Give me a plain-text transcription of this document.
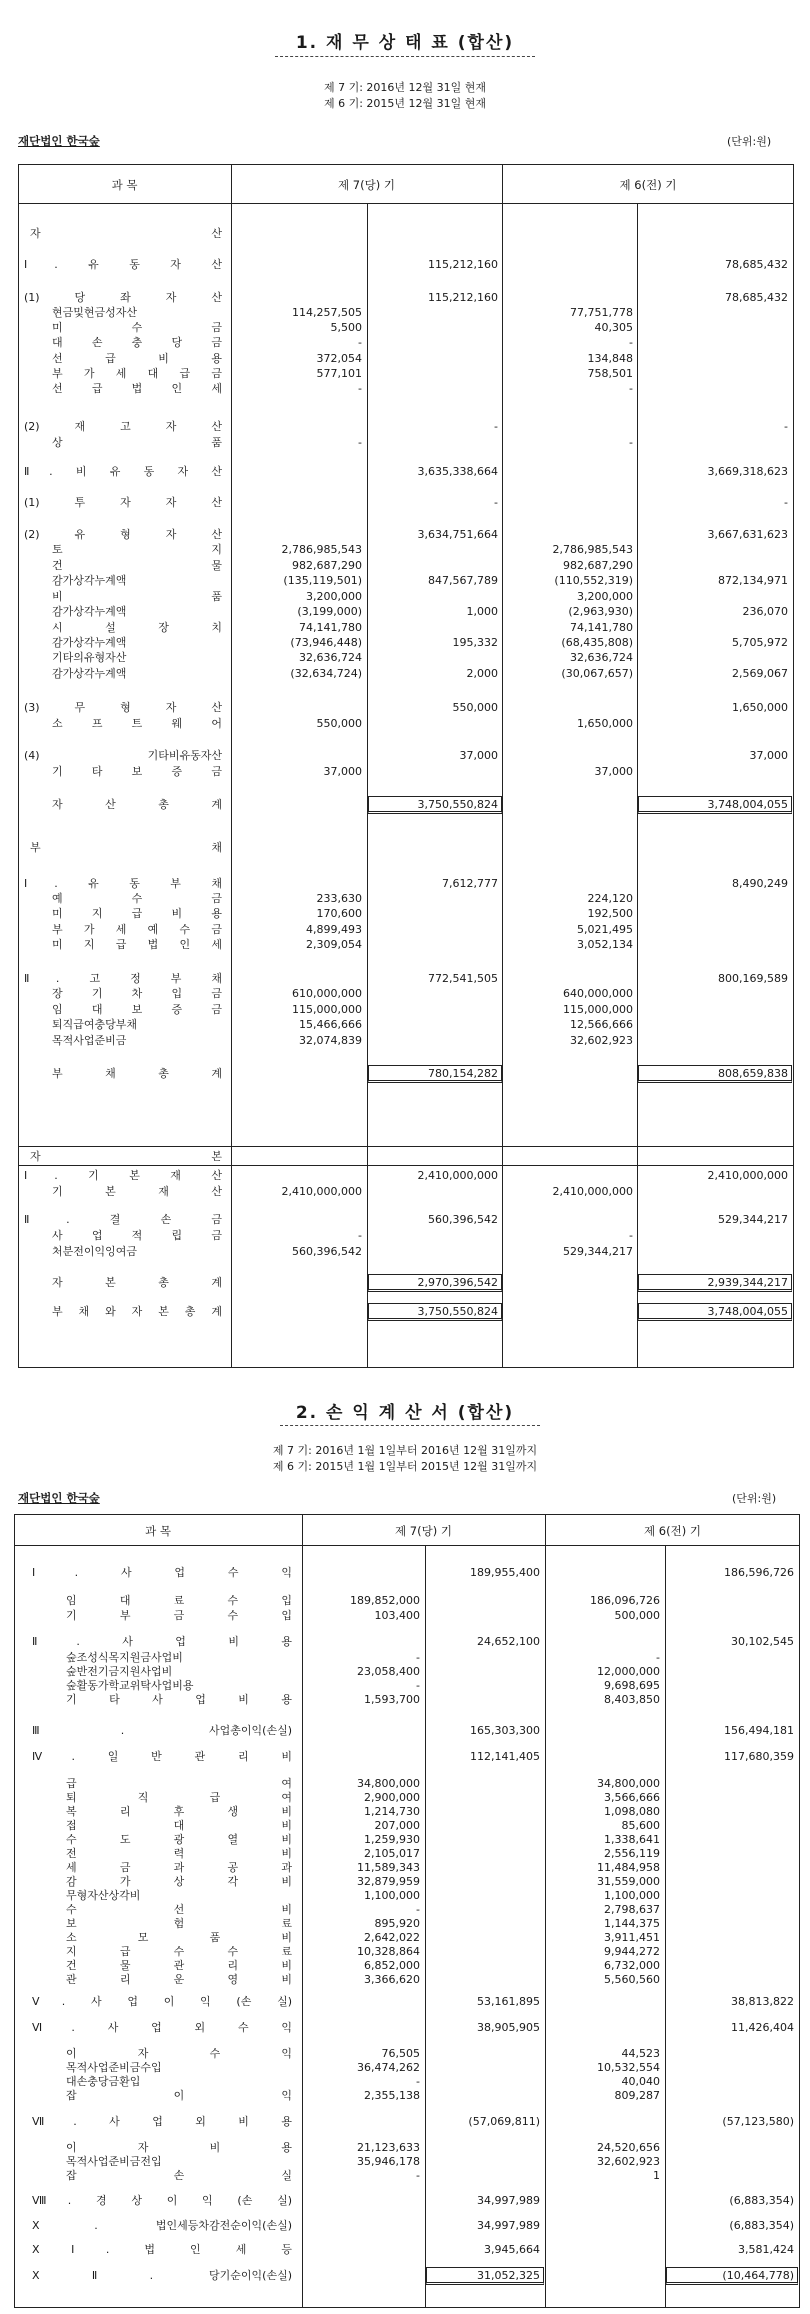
1. 재 무 상 태 표 (합산)
제 7 기: 2016년 12월 31일 현재
제 6 기: 2015년 12월 31일 현재
재단법인 한국숲	(단위:원)
과 목	제 7(당) 기	제 6(전) 기
자 산
Ⅰ. 유 동 자 산	115,212,160	78,685,432
(1) 당 좌 자 산	115,212,160	78,685,432
현금및현금성자산	114,257,505	77,751,778
미 수 금	5,500	40,305
대 손 충 당 금	-	-
선 급 비 용	372,054	134,848
부 가 세 대 급 금	577,101	758,501
선 급 법 인 세	-	-
(2) 재 고 자 산	-	-
상 품	-	-
Ⅱ. 비 유 동 자 산	3,635,338,664	3,669,318,623
(1) 투 자 자 산	-	-
(2) 유 형 자 산	3,634,751,664	3,667,631,623
토 지	2,786,985,543	2,786,985,543
건 물	982,687,290	982,687,290
감가상각누계액	(135,119,501)	847,567,789	(110,552,319)	872,134,971
비 품	3,200,000	3,200,000
감가상각누계액	(3,199,000)	1,000	(2,963,930)	236,070
시 설 장 치	74,141,780	74,141,780
감가상각누계액	(73,946,448)	195,332	(68,435,808)	5,705,972
기타의유형자산	32,636,724	32,636,724
감가상각누계액	(32,634,724)	2,000	(30,067,657)	2,569,067
(3) 무 형 자 산	550,000	1,650,000
소 프 트 웨 어	550,000	1,650,000
(4) 기타비유동자산	37,000	37,000
기 타 보 증 금	37,000	37,000
자 산 총 계	3,750,550,824	3,748,004,055
부 채
Ⅰ. 유 동 부 채	7,612,777	8,490,249
예 수 금	233,630	224,120
미 지 급 비 용	170,600	192,500
부 가 세 예 수 금	4,899,493	5,021,495
미 지 급 법 인 세	2,309,054	3,052,134
Ⅱ. 고 정 부 채	772,541,505	800,169,589
장 기 차 입 금	610,000,000	640,000,000
임 대 보 증 금	115,000,000	115,000,000
퇴직급여충당부채	15,466,666	12,566,666
목적사업준비금	32,074,839	32,602,923
부 채 총 계	780,154,282	808,659,838
자 본
Ⅰ. 기 본 재 산	2,410,000,000	2,410,000,000
기 본 재 산	2,410,000,000	2,410,000,000
Ⅱ. 결 손 금	560,396,542	529,344,217
사 업 적 립 금	-	-
처분전이익잉여금	560,396,542	529,344,217
자 본 총 계	2,970,396,542	2,939,344,217
부 채 와 자 본 총 계	3,750,550,824	3,748,004,055
2. 손 익 계 산 서 (합산)
제 7 기: 2016년 1월 1일부터 2016년 12월 31일까지
제 6 기: 2015년 1월 1일부터 2015년 12월 31일까지
재단법인 한국숲	(단위:원)
과 목	제 7(당) 기	제 6(전) 기
Ⅰ. 사 업 수 익	189,955,400	186,596,726
임 대 료 수 입	189,852,000	186,096,726
기 부 금 수 입	103,400	500,000
Ⅱ. 사 업 비 용	24,652,100	30,102,545
숲조성식목지원금사업비	-	-
숲반전기금지원사업비	23,058,400	12,000,000
숲활동가학교위탁사업비용	-	9,698,695
기 타 사 업 비 용	1,593,700	8,403,850
Ⅲ. 사업총이익(손실)	165,303,300	156,494,181
Ⅳ. 일 반 관 리 비	112,141,405	117,680,359
급 여	34,800,000	34,800,000
퇴 직 급 여	2,900,000	3,566,666
복 리 후 생 비	1,214,730	1,098,080
접 대 비	207,000	85,600
수 도 광 열 비	1,259,930	1,338,641
전 력 비	2,105,017	2,556,119
세 금 과 공 과	11,589,343	11,484,958
감 가 상 각 비	32,879,959	31,559,000
무형자산상각비	1,100,000	1,100,000
수 선 비	-	2,798,637
보 험 료	895,920	1,144,375
소 모 품 비	2,642,022	3,911,451
지 급 수 수 료	10,328,864	9,944,272
건 물 관 리 비	6,852,000	6,732,000
관 리 운 영 비	3,366,620	5,560,560
Ⅴ. 사 업 이 익 (손 실)	53,161,895	38,813,822
Ⅵ. 사 업 외 수 익	38,905,905	11,426,404
이 자 수 익	76,505	44,523
목적사업준비금수입	36,474,262	10,532,554
대손충당금환입	-	40,040
잡 이 익	2,355,138	809,287
Ⅶ. 사 업 외 비 용	(57,069,811)	(57,123,580)
이 자 비 용	21,123,633	24,520,656
목적사업준비금전입	35,946,178	32,602,923
잡 손 실	-	1
Ⅷ. 경 상 이 익 (손 실)	34,997,989	(6,883,354)
Ⅹ. 법인세등차감전순이익(손실)	34,997,989	(6,883,354)
ⅩⅠ. 법 인 세 등	3,945,664	3,581,424
ⅩⅡ. 당기순이익(손실)	31,052,325	(10,464,778)
